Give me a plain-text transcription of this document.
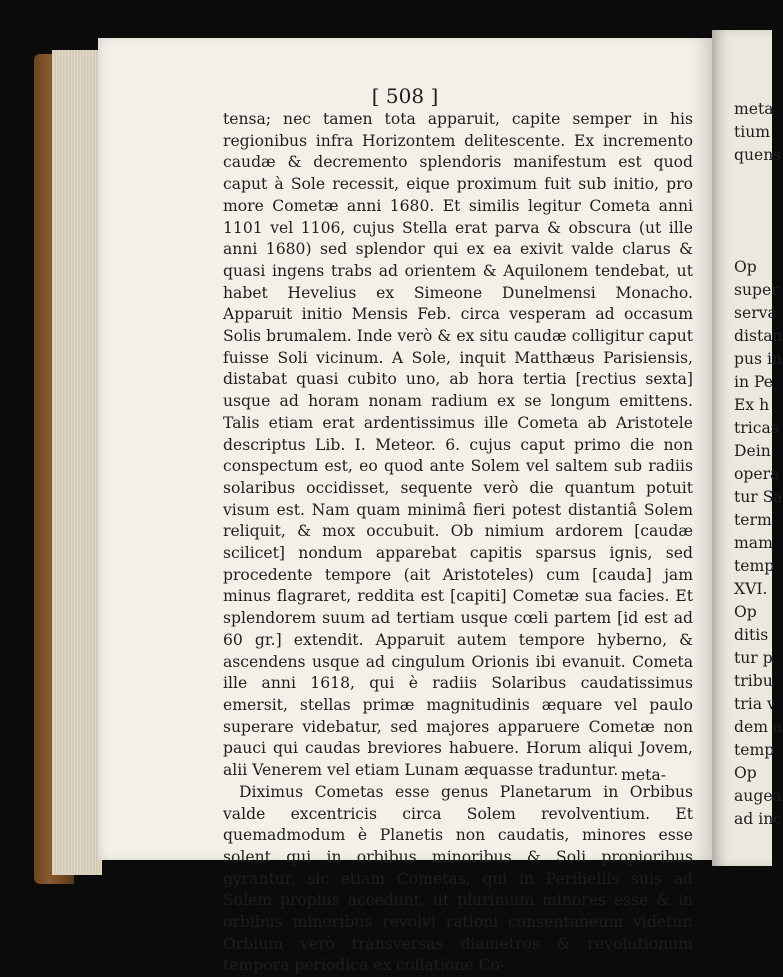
[ 508 ]

tensa; nec tamen tota apparuit, capite semper in his regionibus infra Horizontem delitescente. Ex incremento caudæ & decremento splendoris manifestum est quod caput à Sole recessit, eique proximum fuit sub initio, pro more Cometæ anni 1680. Et similis legitur Cometa anni 1101 vel 1106, cujus Stella erat parva & obscura (ut ille anni 1680) sed splendor qui ex ea exivit valde clarus & quasi ingens trabs ad orientem & Aquilonem tendebat, ut habet Hevelius ex Simeone Dunelmensi Monacho. Apparuit initio Mensis Feb. circa vesperam ad occasum Solis brumalem. Inde verò & ex situ caudæ colligitur caput fuisse Soli vicinum. A Sole, inquit Matthæus Parisiensis, distabat quasi cubito uno, ab hora tertia [rectius sexta] usque ad horam nonam radium ex se longum emittens. Talis etiam erat ardentissimus ille Cometa ab Aristotele descriptus Lib. I. Meteor. 6. cujus caput primo die non conspectum est, eo quod ante Solem vel saltem sub radiis solaribus occidisset, sequente verò die quantum potuit visum est. Nam quam minimâ fieri potest distantiâ Solem reliquit, & mox occubuit. Ob nimium ardorem [caudæ scilicet] nondum apparebat capitis sparsus ignis, sed procedente tempore (ait Aristoteles) cum [cauda] jam minus flagraret, reddita est [capiti] Cometæ sua facies. Et splendorem suum ad tertiam usque cœli partem [id est ad 60 gr.] extendit. Apparuit autem tempore hyberno, & ascendens usque ad cingulum Orionis ibi evanuit. Cometa ille anni 1618, qui è radiis Solaribus caudatissimus emersit, stellas primæ magnitudinis æquare vel paulo superare videbatur, sed majores apparuere Cometæ non pauci qui caudas breviores habuere. Horum aliqui Jovem, alii Venerem vel etiam Lunam æquasse traduntur.

Diximus Cometas esse genus Planetarum in Orbibus valde excentricis circa Solem revolventium. Et quemadmodum è Planetis non caudatis, minores esse solent qui in orbibus minoribus & Soli propioribus gyrantur, sic etiam Cometas, qui in Periheliis suis ad Solem propius accedunt, ut plurimum minores esse & in orbibus minoribus revolvi rationi consentaneum videtur. Orbium verò transversas diametros & revolutionum tempora periodica ex collatione Co-

meta-
meta
tium
quens
Op
super
serva
distan
pus in
in Pe
Ex h
tricas
Dein
opera
tur Sa
term
mam
temp
XVI.
Op
ditis
tur p
tribu
tria v
dem a
temp
Op
augea
ad inc
